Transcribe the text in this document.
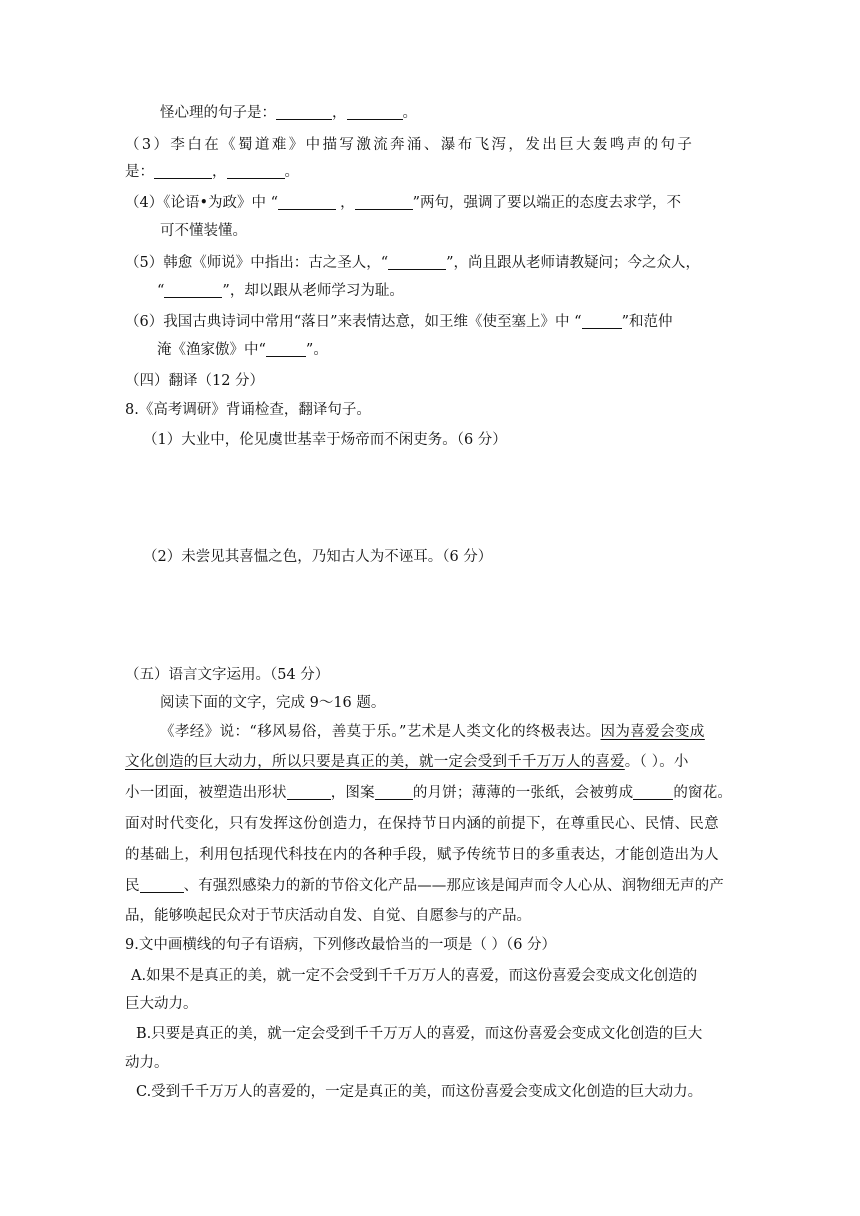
怪心理的句子是：	，	。
（3）李白在《蜀道难》中描写激流奔涌、瀑布飞泻，发出巨大轰鸣声的句子
是：	，	。
（4）《论语•为政》中 “	，	”两句，强调了要以端正的态度去求学，不
可不懂装懂。
（5）韩愈《师说》中指出：古之圣人，“	”，尚且跟从老师请教疑问；今之众人，
“	”，却以跟从老师学习为耻。
（6）我国古典诗词中常用“落日”来表情达意，如王维《使至塞上》中 “	”和范仲
淹《渔家傲》中“	”。
（四）翻译（12 分）
8.《高考调研》背诵检查，翻译句子。
（1）大业中，伦见虞世基幸于炀帝而不闲吏务。（6 分）
（2）未尝见其喜愠之色，乃知古人为不诬耳。（6 分）
（五）语言文字运用。（54 分）
阅读下面的文字，完成 9～16 题。
《孝经》说：“移风易俗，善莫于乐。”艺术是人类文化的终极表达。因为喜爱会变成
文化创造的巨大动力，所以只要是真正的美，就一定会受到千千万万人的喜爱。（ ）。小
小一团面，被塑造出形状	，图案	的月饼；薄薄的一张纸，会被剪成	的窗花。
面对时代变化，只有发挥这份创造力，在保持节日内涵的前提下，在尊重民心、民情、民意
的基础上，利用包括现代科技在内的各种手段，赋予传统节日的多重表达，才能创造出为人
民	、有强烈感染力的新的节俗文化产品——那应该是闻声而令人心从、润物细无声的产
品，能够唤起民众对于节庆活动自发、自觉、自愿参与的产品。
9.文中画横线的句子有语病，下列修改最恰当的一项是（ ）（6 分）
A.如果不是真正的美，就一定不会受到千千万万人的喜爱，而这份喜爱会变成文化创造的
巨大动力。
B.只要是真正的美，就一定会受到千千万万人的喜爱，而这份喜爱会变成文化创造的巨大
动力。
C.受到千千万万人的喜爱的，一定是真正的美，而这份喜爱会变成文化创造的巨大动力。
